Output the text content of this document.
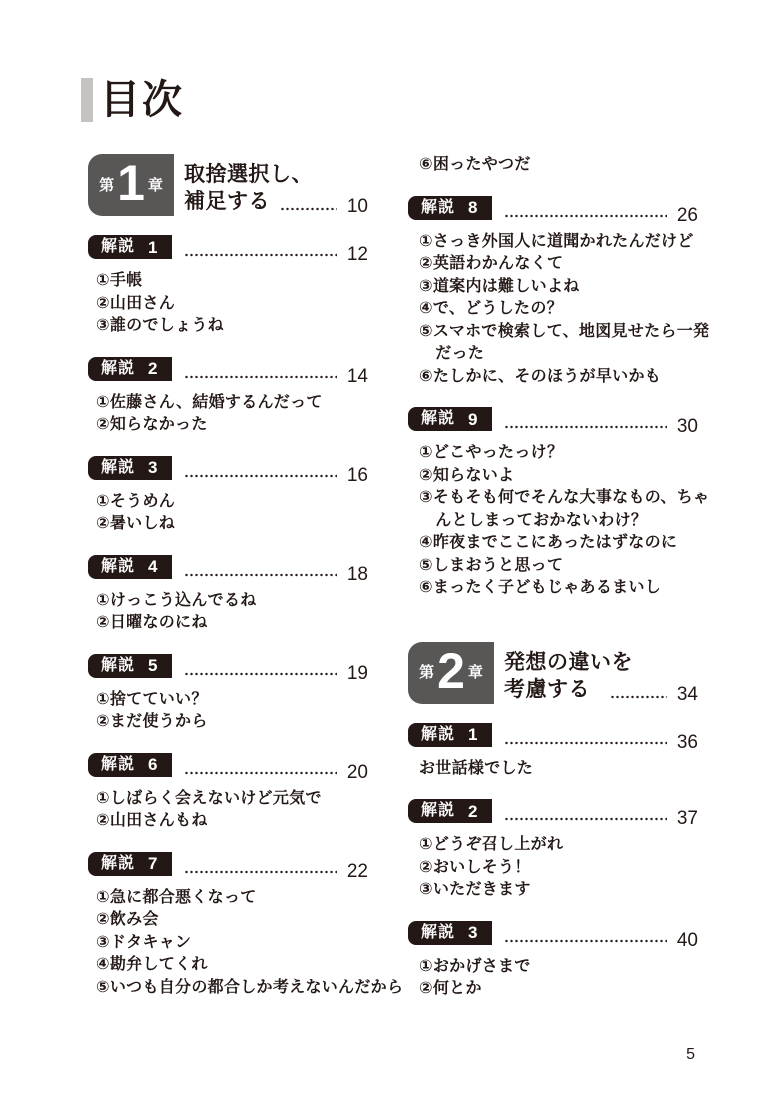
目次
第 1 章 取捨選択し、
補足する	10
解説 1	12
①手帳
②山田さん
③誰のでしょうね
解説 2	14
①佐藤さん、結婚するんだって
②知らなかった
解説 3	16
①そうめん
②暑いしね
解説 4	18
①けっこう込んでるね
②日曜なのにね
解説 5	19
①捨てていい？
②まだ使うから
解説 6	20
①しばらく会えないけど元気で
②山田さんもね
解説 7	22
①急に都合悪くなって
②飲み会
③ドタキャン
④勘弁してくれ
⑤いつも自分の都合しか考えないんだから
⑥困ったやつだ
解説 8	26
①さっき外国人に道聞かれたんだけど
②英語わかんなくて
③道案内は難しいよね
④で、どうしたの？
⑤スマホで検索して、地図見せたら一発だった
⑥たしかに、そのほうが早いかも
解説 9	30
①どこやったっけ？
②知らないよ
③そもそも何でそんな大事なもの、ちゃんとしまっておかないわけ？
④昨夜までここにあったはずなのに
⑤しまおうと思って
⑥まったく子どもじゃあるまいし
第 2 章 発想の違いを
考慮する	34
解説 1	36
お世話様でした
解説 2	37
①どうぞ召し上がれ
②おいしそう！
③いただきます
解説 3	40
①おかげさまで
②何とか
5
